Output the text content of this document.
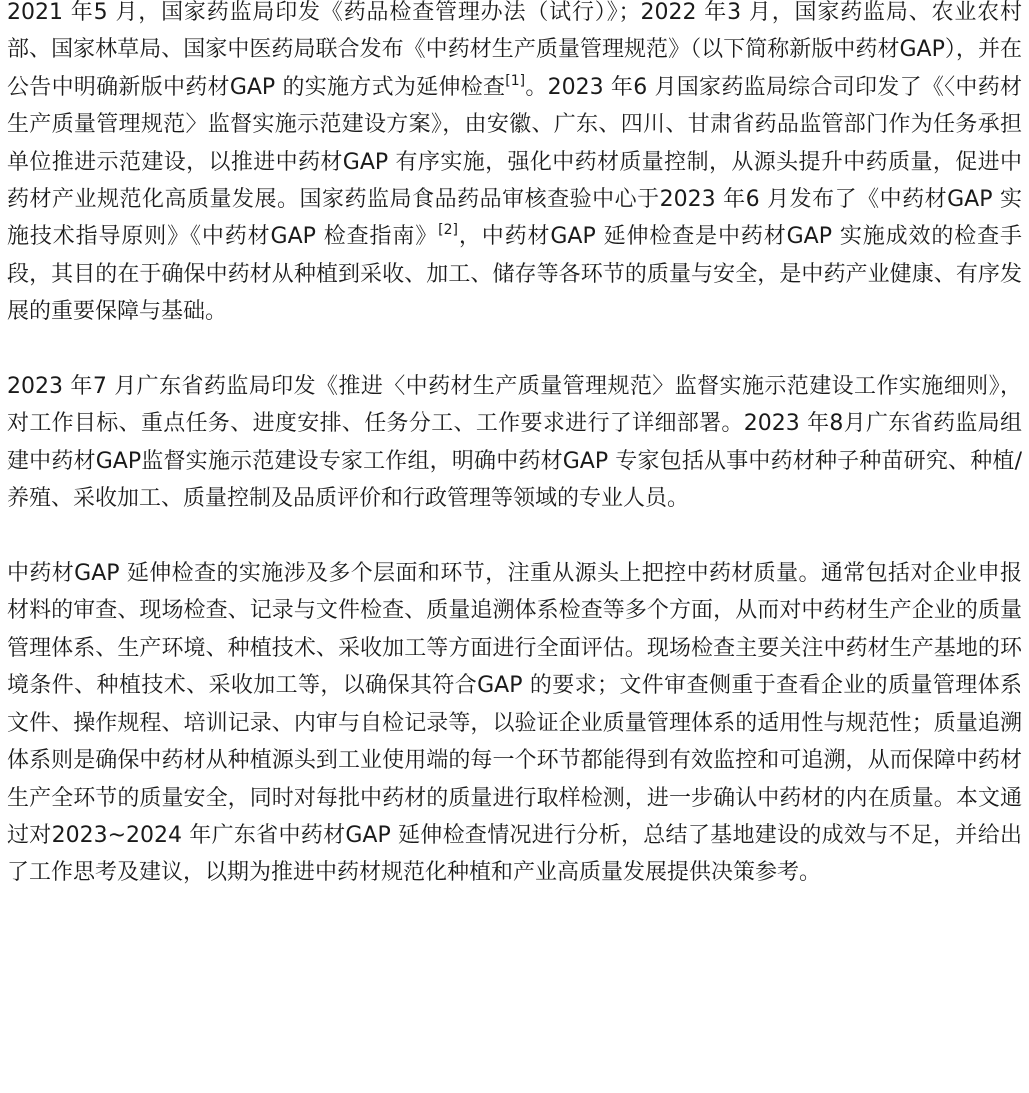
2021 年5 月，国家药监局印发《药品检查管理办法（试行）》；2022 年3 月，国家药监局、农业农村部、国家林草局、国家中医药局联合发布《中药材生产质量管理规范》（以下简称新版中药材GAP），并在公告中明确新版中药材GAP 的实施方式为延伸检查[1]。2023 年6 月国家药监局综合司印发了《〈中药材生产质量管理规范〉监督实施示范建设方案》，由安徽、广东、四川、甘肃省药品监管部门作为任务承担单位推进示范建设，以推进中药材GAP 有序实施，强化中药材质量控制，从源头提升中药质量，促进中药材产业规范化高质量发展。国家药监局食品药品审核查验中心于2023 年6 月发布了《中药材GAP 实施技术指导原则》《中药材GAP 检查指南》[2]，中药材GAP 延伸检查是中药材GAP 实施成效的检查手段，其目的在于确保中药材从种植到采收、加工、储存等各环节的质量与安全，是中药产业健康、有序发展的重要保障与基础。

2023 年7 月广东省药监局印发《推进〈中药材生产质量管理规范〉监督实施示范建设工作实施细则》，对工作目标、重点任务、进度安排、任务分工、工作要求进行了详细部署。2023 年8月广东省药监局组建中药材GAP监督实施示范建设专家工作组，明确中药材GAP 专家包括从事中药材种子种苗研究、种植/ 养殖、采收加工、质量控制及品质评价和行政管理等领域的专业人员。

中药材GAP 延伸检查的实施涉及多个层面和环节，注重从源头上把控中药材质量。通常包括对企业申报材料的审查、现场检查、记录与文件检查、质量追溯体系检查等多个方面，从而对中药材生产企业的质量管理体系、生产环境、种植技术、采收加工等方面进行全面评估。现场检查主要关注中药材生产基地的环境条件、种植技术、采收加工等，以确保其符合GAP 的要求；文件审查侧重于查看企业的质量管理体系文件、操作规程、培训记录、内审与自检记录等，以验证企业质量管理体系的适用性与规范性；质量追溯体系则是确保中药材从种植源头到工业使用端的每一个环节都能得到有效监控和可追溯，从而保障中药材生产全环节的质量安全，同时对每批中药材的质量进行取样检测，进一步确认中药材的内在质量。本文通过对2023~2024 年广东省中药材GAP 延伸检查情况进行分析，总结了基地建设的成效与不足，并给出了工作思考及建议，以期为推进中药材规范化种植和产业高质量发展提供决策参考。
